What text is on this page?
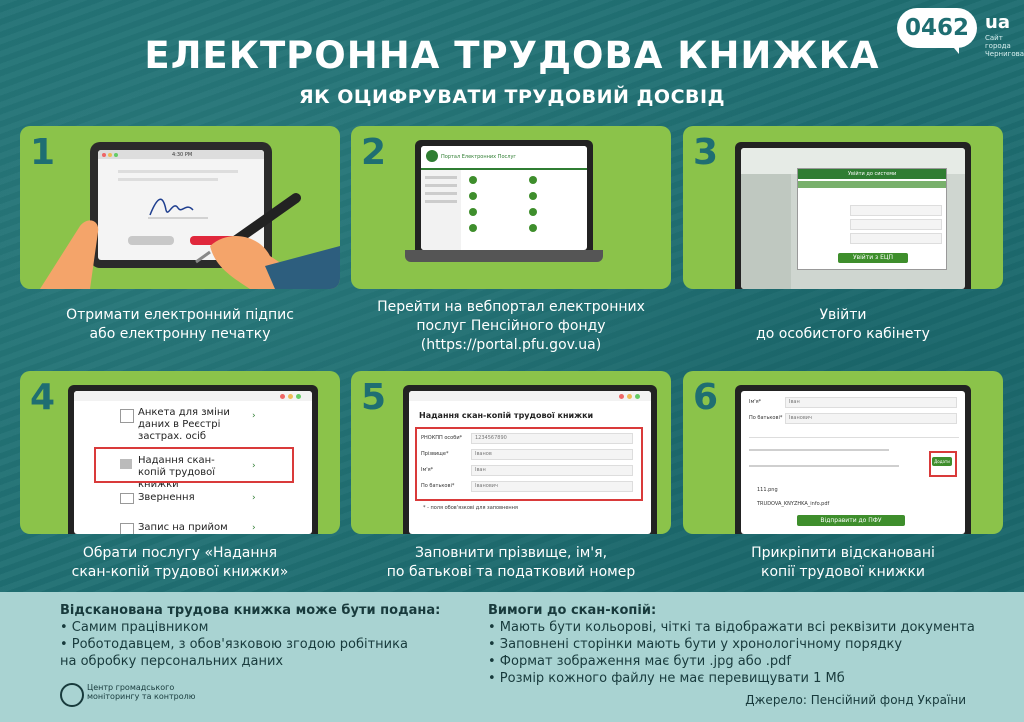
0462 ua
Сайт города Чернигова
ЕЛЕКТРОННА ТРУДОВА КНИЖКА
ЯК ОЦИФРУВАТИ ТРУДОВИЙ ДОСВІД
1	4:30 PM
Отримати електронний підпис
або електронну печатку
2	Портал Електронних Послуг
Перейти на вебпортал електронних
послуг Пенсійного фонду
(https://portal.pfu.gov.ua)
3
Увійти до системи
Увійти з ЕЦП
Увійти
до особистого кабінету
4	Анкета для зміни даних в Реєстрі застрах. осіб
›
Надання скан-копій трудової книжки
›
Звернення	›
Запис на прийом	›
Обрати послугу «Надання
скан-копій трудової книжки»
5	Надання скан-копій трудової книжки
РНОКПП особи*	1234567890
Прізвище*	Іванов
Ім'я*	Іван
По батькові*	Іванович
* - поля обов'язкові для заповнення
Заповнити прізвище, ім'я,
по батькові та податковий номер
6	Ім'я*	Іван
По батькові* Іванович
Додати файл
111.png
TRUDOVA_KNYZHKA_info.pdf
Відправити до ПФУ
Прикріпити відскановані
копії трудової книжки
Відсканована трудова книжка може бути подана:
• Самим працівником
• Роботодавцем, з обов'язковою згодою робітника
на обробку персональних даних
Вимоги до скан-копій:
• Мають бути кольорові, чіткі та відображати всі реквізити документа
• Заповнені сторінки мають бути у хронологічному порядку
• Формат зображення має бути .jpg або .pdf
• Розмір кожного файлу не має перевищувати 1 Мб
Центр громадського моніторингу та контролю	Джерело: Пенсійний фонд України
